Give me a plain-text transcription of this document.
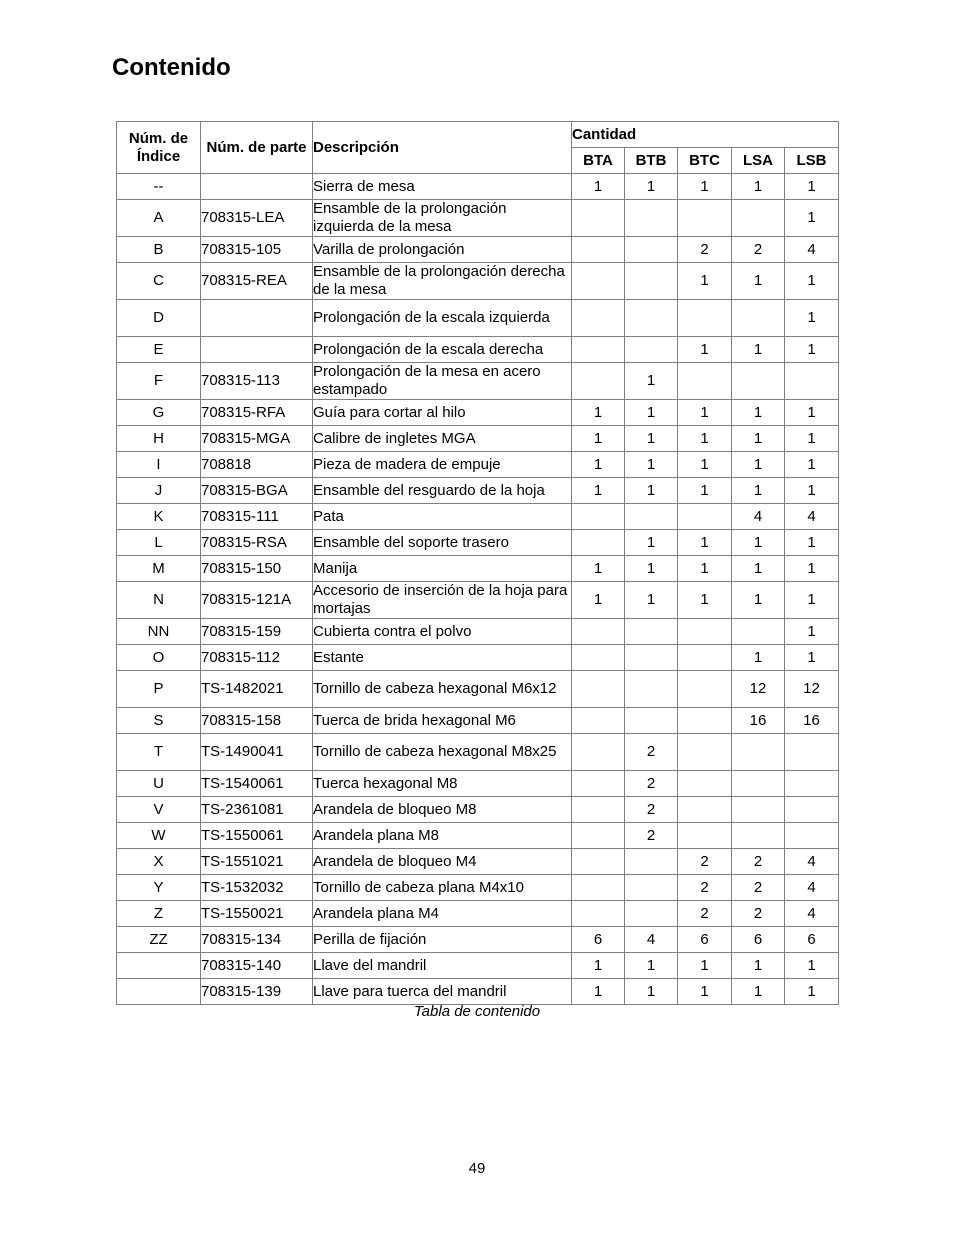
Contenido
Núm. de Índice	Núm. de parte	Descripción	Cantidad				
			BTA	BTB	BTC	LSA	LSB
--		Sierra de mesa	1	1	1	1	1
A	708315-LEA	Ensamble de la prolongación izquierda de la mesa					1
B	708315-105	Varilla de prolongación			2	2	4
C	708315-REA	Ensamble de la prolongación derecha de la mesa			1	1	1
D		Prolongación de la escala izquierda					1
E		Prolongación de la escala derecha			1	1	1
F	708315-113	Prolongación de la mesa en acero estampado		1			
G	708315-RFA	Guía para cortar al hilo	1	1	1	1	1
H	708315-MGA	Calibre de ingletes MGA	1	1	1	1	1
I	708818	Pieza de madera de empuje	1	1	1	1	1
J	708315-BGA	Ensamble del resguardo de la hoja	1	1	1	1	1
K	708315-111	Pata				4	4
L	708315-RSA	Ensamble del soporte trasero		1	1	1	1
M	708315-150	Manija	1	1	1	1	1
N	708315-121A	Accesorio de inserción de la hoja para mortajas	1	1	1	1	1
NN	708315-159	Cubierta contra el polvo					1
O	708315-112	Estante				1	1
P	TS-1482021	Tornillo de cabeza hexagonal M6x12				12	12
S	708315-158	Tuerca de brida hexagonal M6				16	16
T	TS-1490041	Tornillo de cabeza hexagonal M8x25		2			
U	TS-1540061	Tuerca hexagonal M8		2			
V	TS-2361081	Arandela de bloqueo M8		2			
W	TS-1550061	Arandela plana M8		2			
X	TS-1551021	Arandela de bloqueo M4			2	2	4
Y	TS-1532032	Tornillo de cabeza plana M4x10			2	2	4
Z	TS-1550021	Arandela plana M4			2	2	4
ZZ	708315-134	Perilla de fijación	6	4	6	6	6
	708315-140	Llave del mandril	1	1	1	1	1
	708315-139	Llave para tuerca del mandril	1	1	1	1	1
Tabla de contenido
49
